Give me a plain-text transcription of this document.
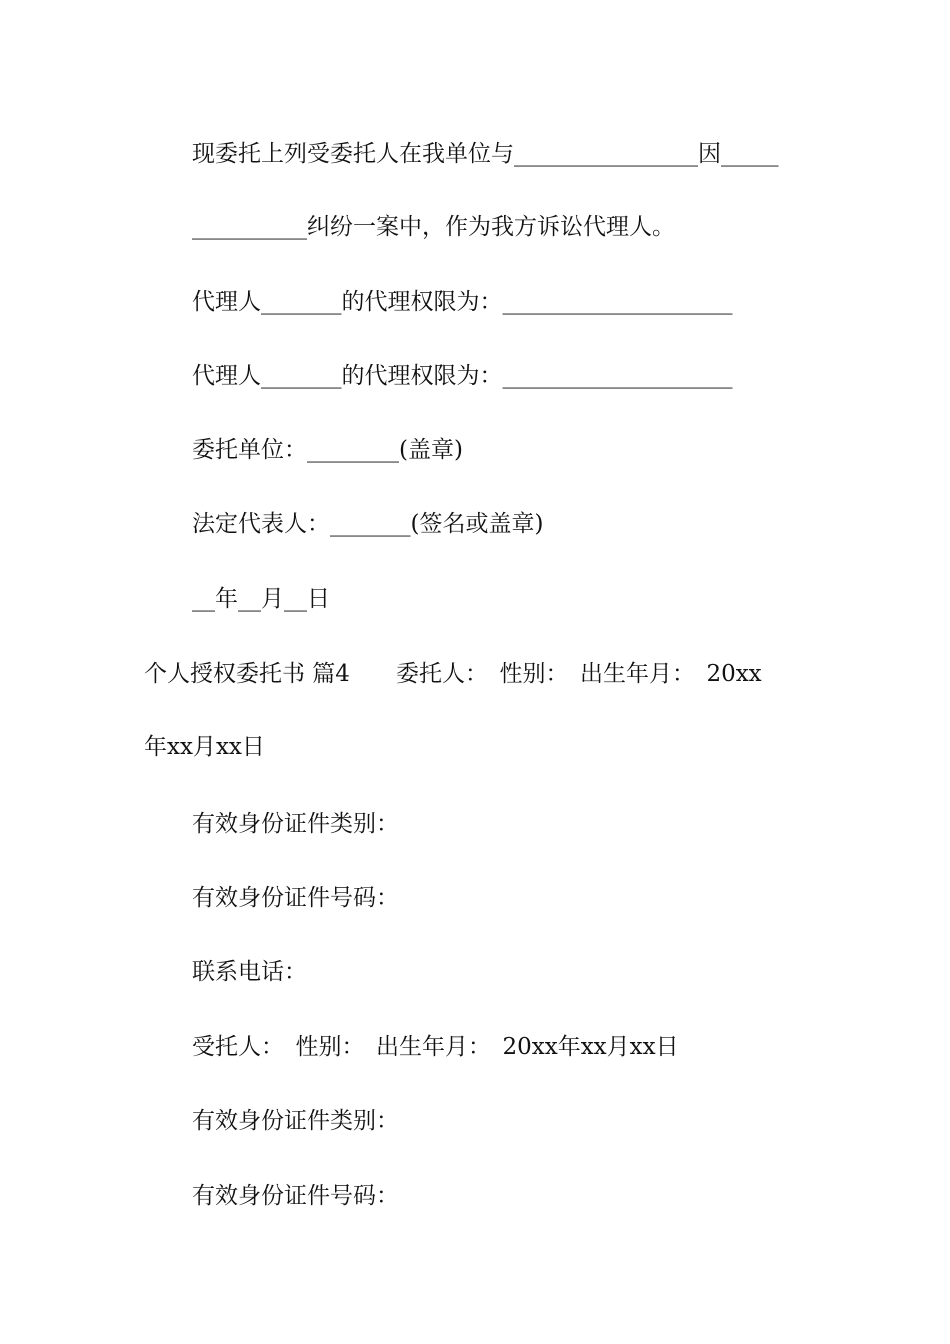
现委托上列受委托人在我单位与________________因_____
__________纠纷一案中，作为我方诉讼代理人。
代理人_______的代理权限为：____________________
代理人_______的代理权限为：____________________
委托单位：________(盖章)
法定代表人：_______(签名或盖章)
__年__月__日
个人授权委托书 篇4　　委托人：　性别：　出生年月：　20xx
年xx月xx日
有效身份证件类别：
有效身份证件号码：
联系电话：
受托人：　性别：　出生年月：　20xx年xx月xx日
有效身份证件类别：
有效身份证件号码：
